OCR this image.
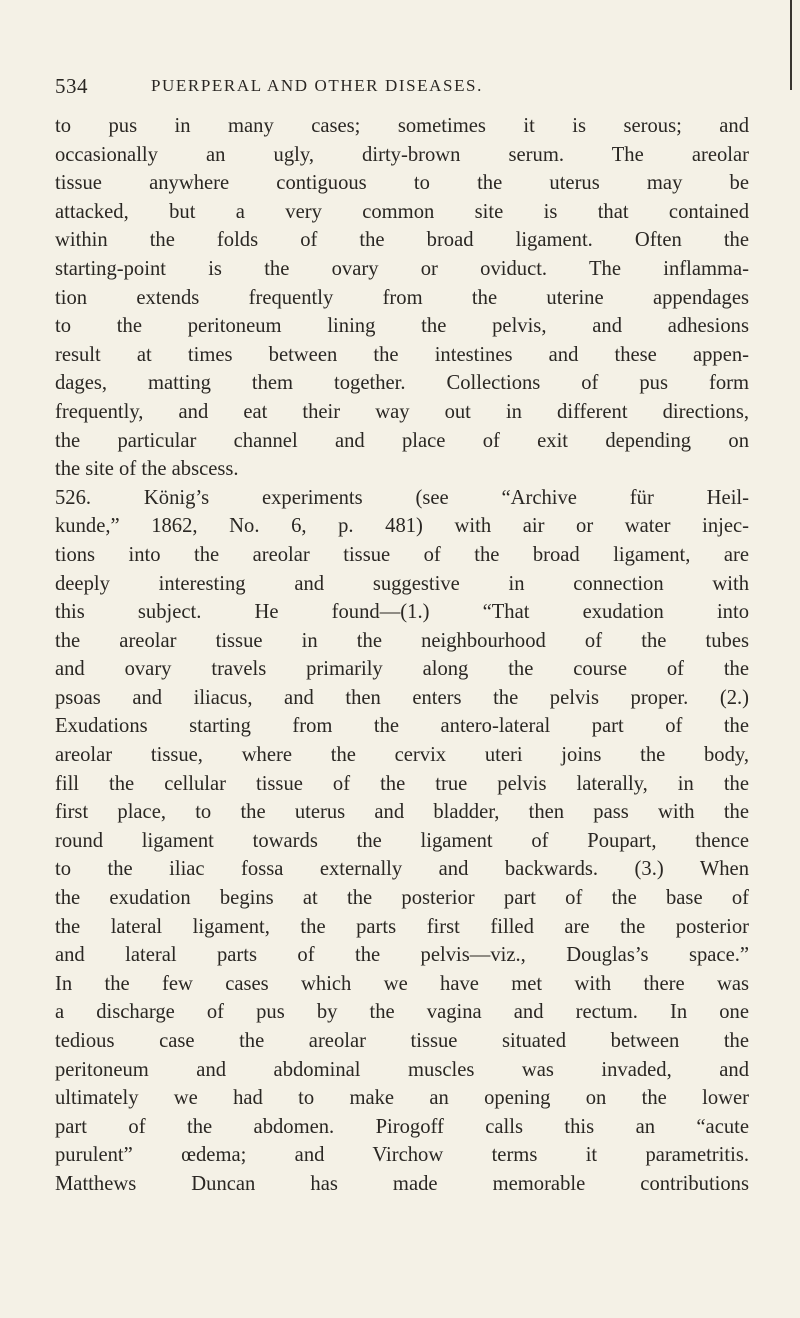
534	PUERPERAL AND OTHER DISEASES.
to pus in many cases; sometimes it is serous; and
occasionally an ugly, dirty-brown serum. The areolar
tissue anywhere contiguous to the uterus may be
attacked, but a very common site is that contained
within the folds of the broad ligament. Often the
starting-point is the ovary or oviduct. The inflamma-
tion extends frequently from the uterine appendages
to the peritoneum lining the pelvis, and adhesions
result at times between the intestines and these appen-
dages, matting them together. Collections of pus form
frequently, and eat their way out in different directions,
the particular channel and place of exit depending on
the site of the abscess.
526. König’s experiments (see “Archive für Heil-
kunde,” 1862, No. 6, p. 481) with air or water injec-
tions into the areolar tissue of the broad ligament, are
deeply interesting and suggestive in connection with
this subject. He found—(1.) “That exudation into
the areolar tissue in the neighbourhood of the tubes
and ovary travels primarily along the course of the
psoas and iliacus, and then enters the pelvis proper. (2.)
Exudations starting from the antero-lateral part of the
areolar tissue, where the cervix uteri joins the body,
fill the cellular tissue of the true pelvis laterally, in the
first place, to the uterus and bladder, then pass with the
round ligament towards the ligament of Poupart, thence
to the iliac fossa externally and backwards. (3.) When
the exudation begins at the posterior part of the base of
the lateral ligament, the parts first filled are the posterior
and lateral parts of the pelvis—viz., Douglas’s space.”
In the few cases which we have met with there was
a discharge of pus by the vagina and rectum. In one
tedious case the areolar tissue situated between the
peritoneum and abdominal muscles was invaded, and
ultimately we had to make an opening on the lower
part of the abdomen. Pirogoff calls this an “acute
purulent” œdema; and Virchow terms it parametritis.
Matthews Duncan has made memorable contributions
